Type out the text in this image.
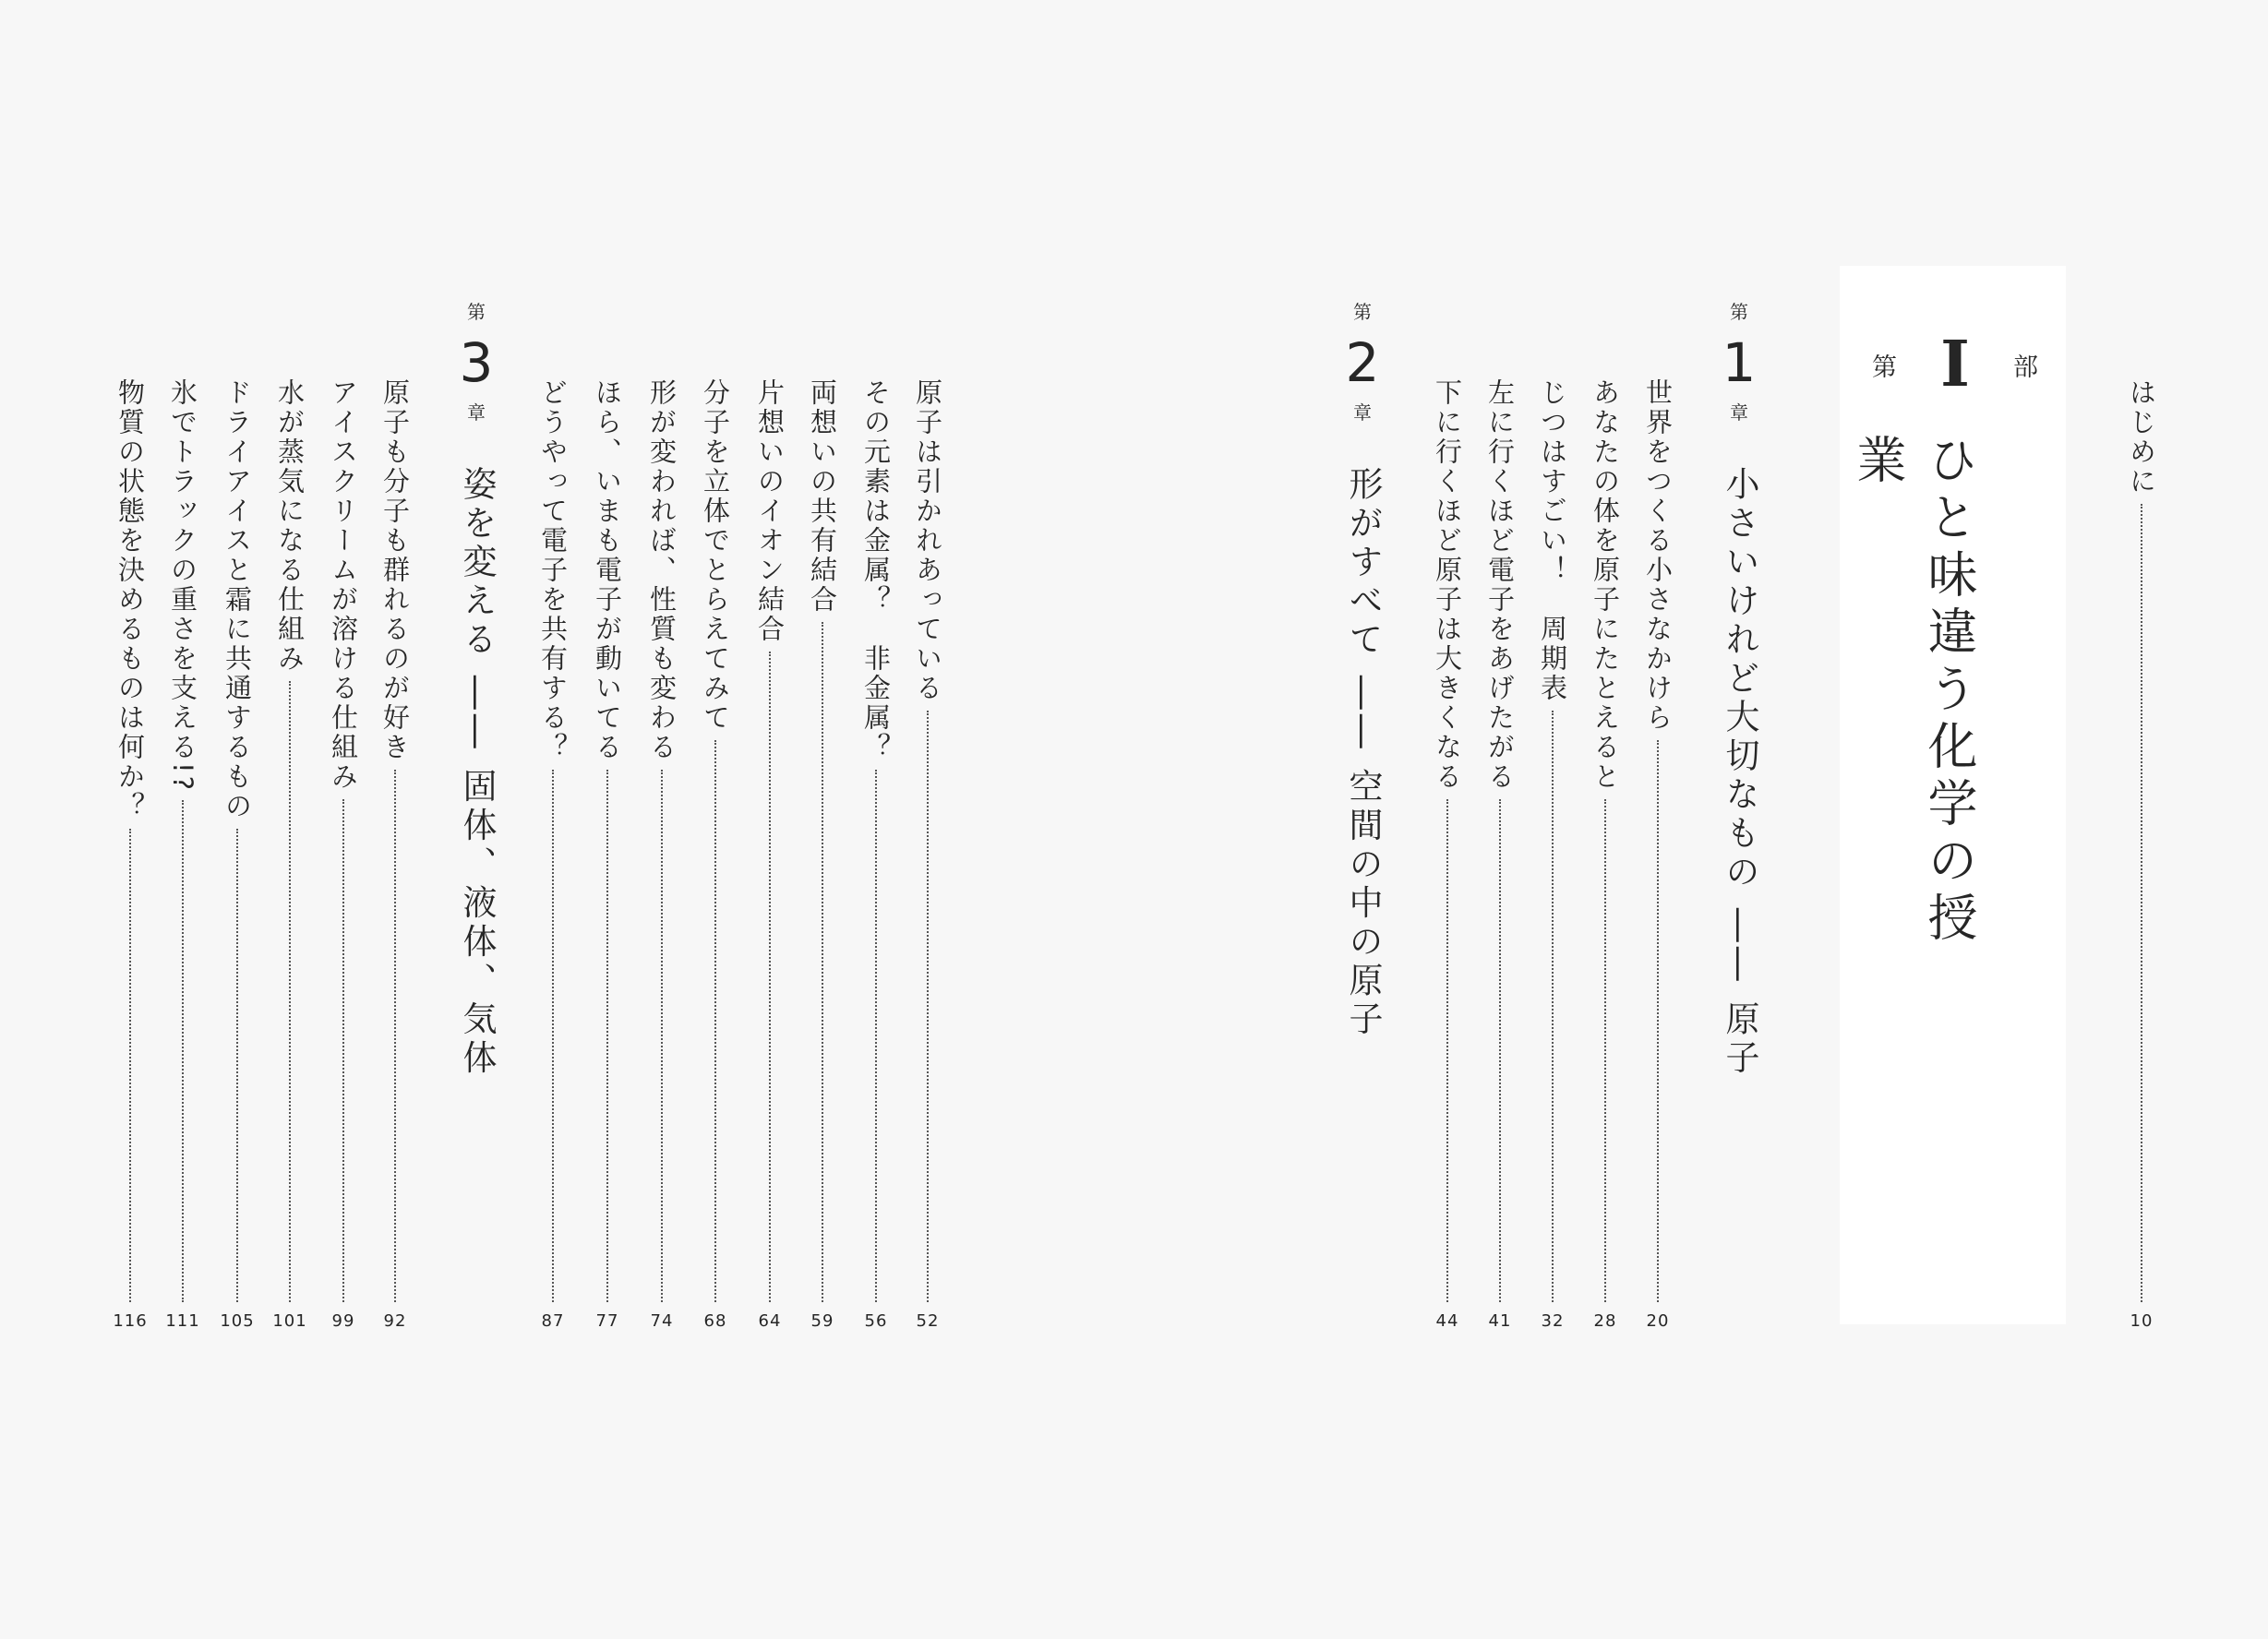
はじめに
10
第 I 部
ひと味違う化学の授業
第
1
章
小さいけれど大切なもの ―― 原子
世界をつくる小さなかけら
20
あなたの体を原子にたとえると
28
じつはすごい！　周期表
32
左に行くほど電子をあげたがる
41
下に行くほど原子は大きくなる
44
第
2
章
形がすべて ―― 空間の中の原子
原子は引かれあっている
52
その元素は金属？　非金属？
56
両想いの共有結合
59
片想いのイオン結合
64
分子を立体でとらえてみて
68
形が変われば、性質も変わる
74
ほら、いまも電子が動いてる
77
どうやって電子を共有する？
87
第
3
章
姿を変える ―― 固体、液体、気体
原子も分子も群れるのが好き
92
アイスクリームが溶ける仕組み
99
水が蒸気になる仕組み
101
ドライアイスと霜に共通するもの
105
氷でトラックの重さを支える!?
111
物質の状態を決めるものは何か？
116
